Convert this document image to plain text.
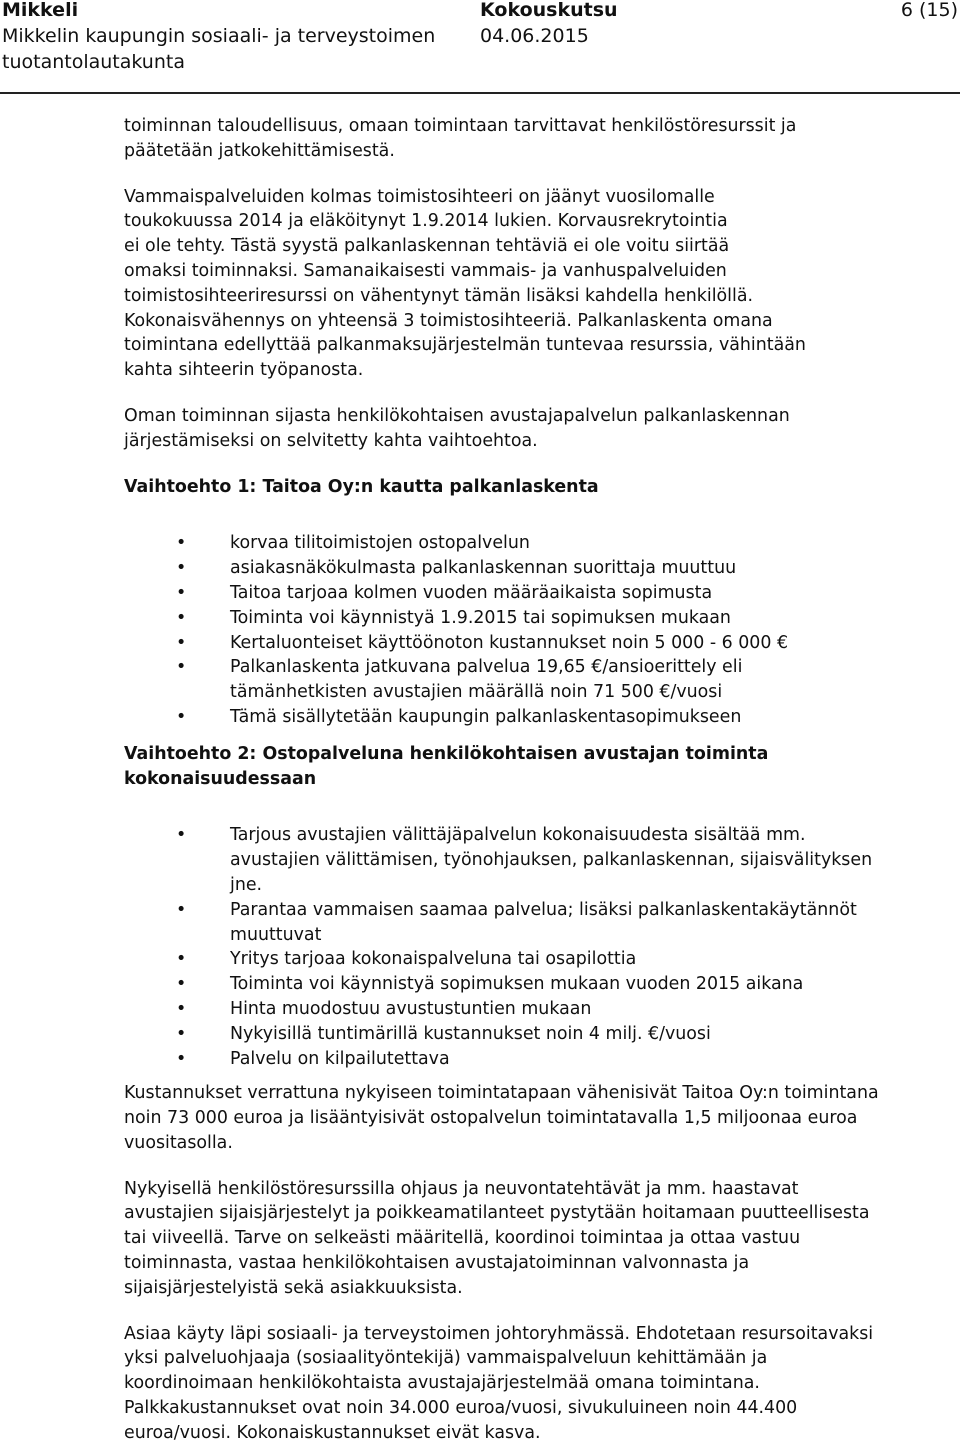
Mikkeli
Mikkelin kaupungin sosiaali- ja terveystoimen
tuotantolautakunta
Kokouskutsu
04.06.2015
6 (15)

toiminnan taloudellisuus, omaan toimintaan tarvittavat henkilöstöresurssit ja päätetään jatkokehittämisestä.

Vammaispalveluiden kolmas toimistosihteeri on jäänyt vuosilomalle
toukokuussa 2014 ja eläköitynyt 1.9.2014 lukien. Korvausrekrytointia
ei ole tehty. Tästä syystä palkanlaskennan tehtäviä ei ole voitu siirtää
omaksi toiminnaksi. Samanaikaisesti vammais- ja vanhuspalveluiden
toimistosihteeriresurssi on vähentynyt tämän lisäksi kahdella henkilöllä.
Kokonaisvähennys on yhteensä 3 toimistosihteeriä. Palkanlaskenta omana
toimintana edellyttää palkanmaksujärjestelmän tuntevaa resurssia, vähintään
kahta sihteerin työpanosta.

Oman toiminnan sijasta henkilökohtaisen avustajapalvelun palkanlaskennan järjestämiseksi on selvitetty kahta vaihtoehtoa.

Vaihtoehto 1: Taitoa Oy:n kautta palkanlaskenta

•	korvaa tilitoimistojen ostopalvelun
•	asiakasnäkökulmasta palkanlaskennan suorittaja muuttuu
•	Taitoa tarjoaa kolmen vuoden määräaikaista sopimusta
•	Toiminta voi käynnistyä 1.9.2015 tai sopimuksen mukaan
•	Kertaluonteiset käyttöönoton kustannukset noin 5 000 - 6 000 €
•	Palkanlaskenta jatkuvana palvelua 19,65 €/ansioerittely eli tämänhetkisten avustajien määrällä noin 71 500 €/vuosi
•	Tämä sisällytetään kaupungin palkanlaskentasopimukseen

Vaihtoehto 2: Ostopalveluna henkilökohtaisen avustajan toiminta kokonaisuudessaan

•	Tarjous avustajien välittäjäpalvelun kokonaisuudesta sisältää mm. avustajien välittämisen, työnohjauksen, palkanlaskennan, sijaisvälityksen jne.
•	Parantaa vammaisen saamaa palvelua; lisäksi palkanlaskentakäytännöt muuttuvat
•	Yritys tarjoaa kokonaispalveluna tai osapilottia
•	Toiminta voi käynnistyä sopimuksen mukaan vuoden 2015 aikana
•	Hinta muodostuu avustustuntien mukaan
•	Nykyisillä tuntimärillä kustannukset noin 4 milj. €/vuosi
•	Palvelu on kilpailutettava

Kustannukset verrattuna nykyiseen toimintatapaan vähenisivät Taitoa Oy:n toimintana noin 73 000 euroa ja lisääntyisivät ostopalvelun toimintatavalla 1,5 miljoonaa euroa vuositasolla.

Nykyisellä henkilöstöresurssilla ohjaus ja neuvontatehtävät ja mm. haastavat avustajien sijaisjärjestelyt ja poikkeamatilanteet pystytään hoitamaan puutteellisesta tai viiveellä. Tarve on selkeästi määritellä, koordinoi toimintaa ja ottaa vastuu toiminnasta, vastaa henkilökohtaisen avustajatoiminnan valvonnasta ja sijaisjärjestelyistä sekä asiakkuuksista.

Asiaa käyty läpi sosiaali- ja terveystoimen johtoryhmässä. Ehdotetaan resursoitavaksi yksi palveluohjaaja (sosiaalityöntekijä) vammaispalveluun kehittämään ja koordinoimaan henkilökohtaista avustajajärjestelmää omana toimintana. Palkkakustannukset ovat noin 34.000 euroa/vuosi, sivukuluineen noin 44.400 euroa/vuosi. Kokonaiskustannukset eivät kasva.
